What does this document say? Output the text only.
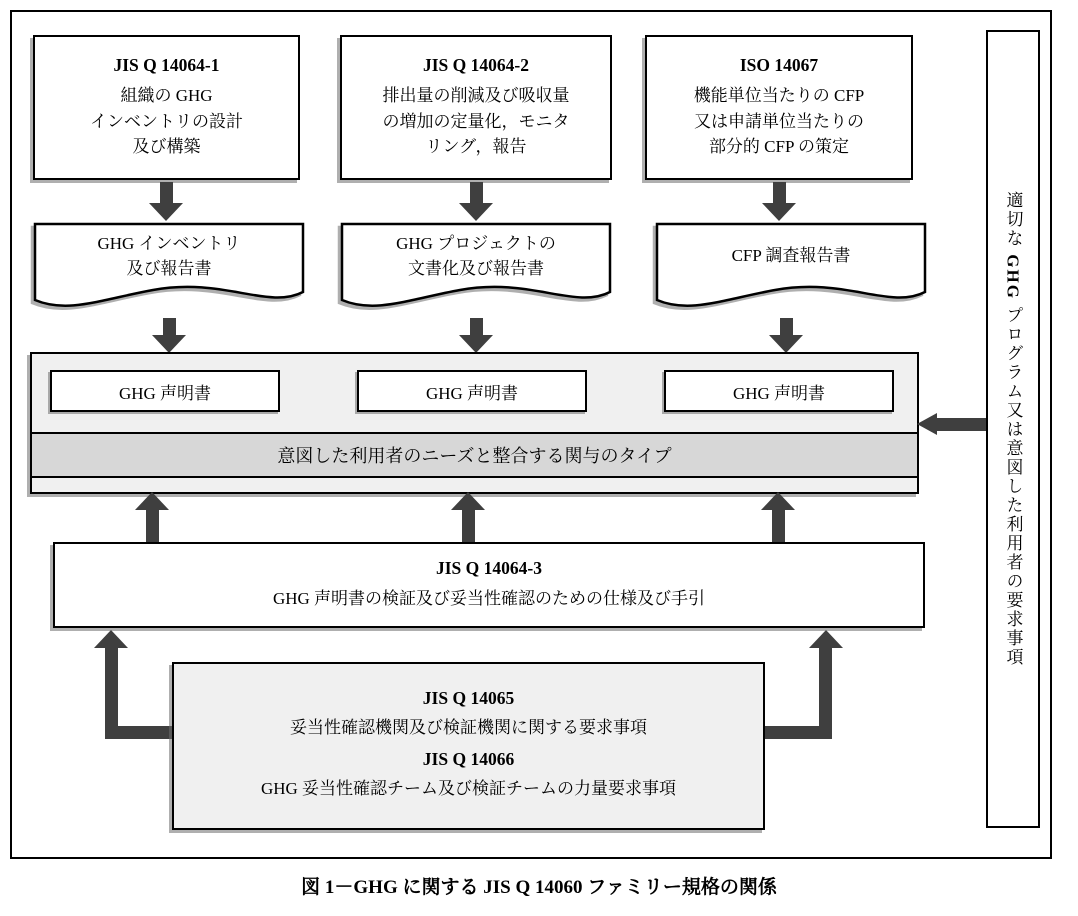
JIS Q 14064-1
組織の GHG
インベントリの設計
及び構築
JIS Q 14064-2
排出量の削減及び吸収量
の増加の定量化，モニタ
リング，報告
ISO 14067
機能単位当たりの CFP
又は申請単位当たりの
部分的 CFP の策定
GHG インベントリ
及び報告書
GHG プロジェクトの
文書化及び報告書
CFP 調査報告書
GHG 声明書	GHG 声明書	GHG 声明書
意図した利用者のニーズと整合する関与のタイプ
JIS Q 14064-3
GHG 声明書の検証及び妥当性確認のための仕様及び手引
JIS Q 14065
妥当性確認機関及び検証機関に関する要求事項
JIS Q 14066
GHG 妥当性確認チーム及び検証チームの力量要求事項
適切な GHG プログラム又は意図した利用者の要求事項
図 1－GHG に関する JIS Q 14060 ファミリー規格の関係
